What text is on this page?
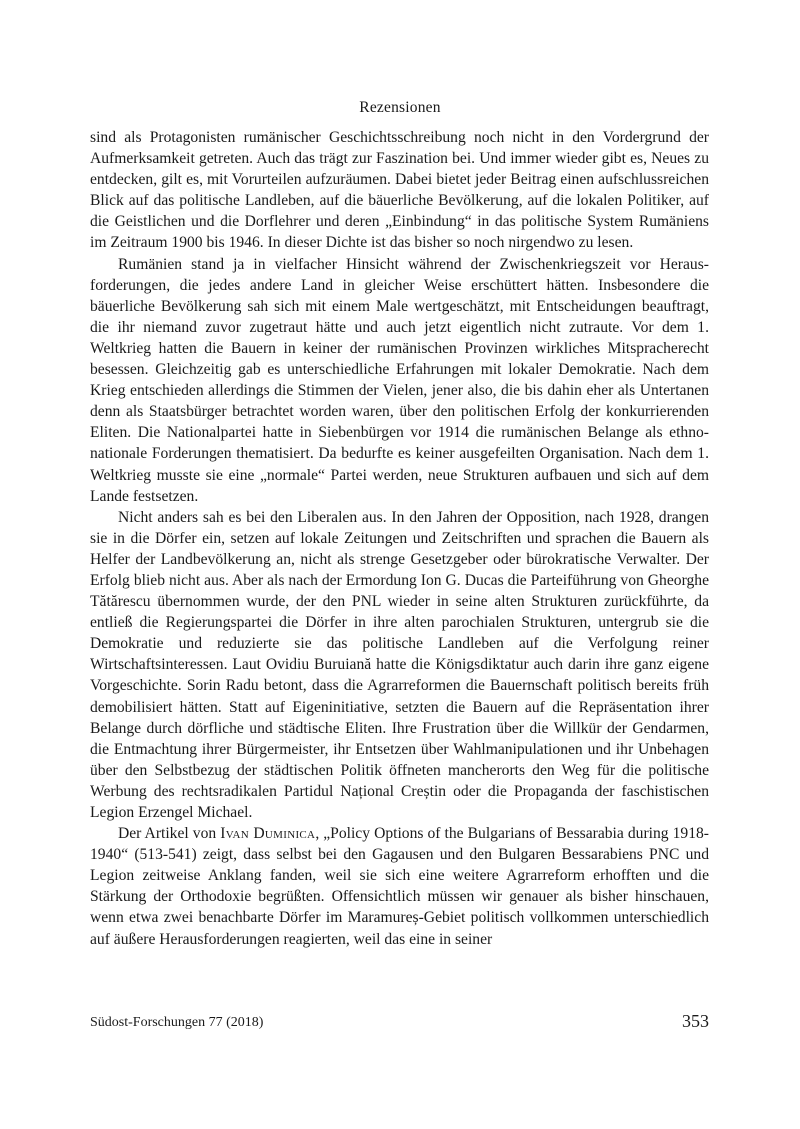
Rezensionen

sind als Protagonisten rumänischer Geschichtsschreibung noch nicht in den Vordergrund der Aufmerksamkeit getreten. Auch das trägt zur Faszination bei. Und immer wieder gibt es, Neues zu entdecken, gilt es, mit Vorurteilen aufzuräumen. Dabei bietet jeder Beitrag einen aufschlussreichen Blick auf das politische Landleben, auf die bäuerliche Bevölkerung, auf die lokalen Politiker, auf die Geistlichen und die Dorflehrer und deren „Einbindung“ in das politische System Rumäniens im Zeitraum 1900 bis 1946. In dieser Dichte ist das bisher so noch nirgendwo zu lesen.

Rumänien stand ja in vielfacher Hinsicht während der Zwischenkriegszeit vor Herausforderungen, die jedes andere Land in gleicher Weise erschüttert hätten. Insbesondere die bäuerliche Bevölkerung sah sich mit einem Male wertgeschätzt, mit Entscheidungen beauftragt, die ihr niemand zuvor zugetraut hätte und auch jetzt eigentlich nicht zutraute. Vor dem 1. Weltkrieg hatten die Bauern in keiner der rumänischen Provinzen wirkliches Mitspracherecht besessen. Gleichzeitig gab es unterschiedliche Erfahrungen mit lokaler Demokratie. Nach dem Krieg entschieden allerdings die Stimmen der Vielen, jener also, die bis dahin eher als Untertanen denn als Staatsbürger betrachtet worden waren, über den politischen Erfolg der konkurrierenden Eliten. Die Nationalpartei hatte in Siebenbürgen vor 1914 die rumänischen Belange als ethno-nationale Forderungen thematisiert. Da bedurfte es keiner ausgefeilten Organisation. Nach dem 1. Weltkrieg musste sie eine „normale“ Partei werden, neue Strukturen aufbauen und sich auf dem Lande festsetzen.

Nicht anders sah es bei den Liberalen aus. In den Jahren der Opposition, nach 1928, drangen sie in die Dörfer ein, setzen auf lokale Zeitungen und Zeitschriften und sprachen die Bauern als Helfer der Landbevölkerung an, nicht als strenge Gesetzgeber oder bürokratische Verwalter. Der Erfolg blieb nicht aus. Aber als nach der Ermordung Ion G. Ducas die Parteiführung von Gheorghe Tătărescu übernommen wurde, der den PNL wieder in seine alten Strukturen zurückführte, da entließ die Regierungspartei die Dörfer in ihre alten parochialen Strukturen, untergrub sie die Demokratie und reduzierte sie das politische Landleben auf die Verfolgung reiner Wirtschaftsinteressen. Laut Ovidiu Buruiană hatte die Königsdiktatur auch darin ihre ganz eigene Vorgeschichte. Sorin Radu betont, dass die Agrarreformen die Bauernschaft politisch bereits früh demobilisiert hätten. Statt auf Eigeninitiative, setzten die Bauern auf die Repräsentation ihrer Belange durch dörfliche und städtische Eliten. Ihre Frustration über die Willkür der Gendarmen, die Entmachtung ihrer Bürgermeister, ihr Entsetzen über Wahlmanipulationen und ihr Unbehagen über den Selbstbezug der städtischen Politik öffneten mancherorts den Weg für die politische Werbung des rechtsradikalen Partidul Național Creștin oder die Propaganda der faschistischen Legion Erzengel Michael.

Der Artikel von Ivan Duminica, „Policy Options of the Bulgarians of Bessarabia during 1918-1940“ (513-541) zeigt, dass selbst bei den Gagausen und den Bulgaren Bessarabiens PNC und Legion zeitweise Anklang fanden, weil sie sich eine weitere Agrarreform erhofften und die Stärkung der Orthodoxie begrüßten. Offensichtlich müssen wir genauer als bisher hinschauen, wenn etwa zwei benachbarte Dörfer im Maramureș-Gebiet politisch vollkommen unterschiedlich auf äußere Herausforderungen reagierten, weil das eine in seiner

Südost-Forschungen 77 (2018)	353
